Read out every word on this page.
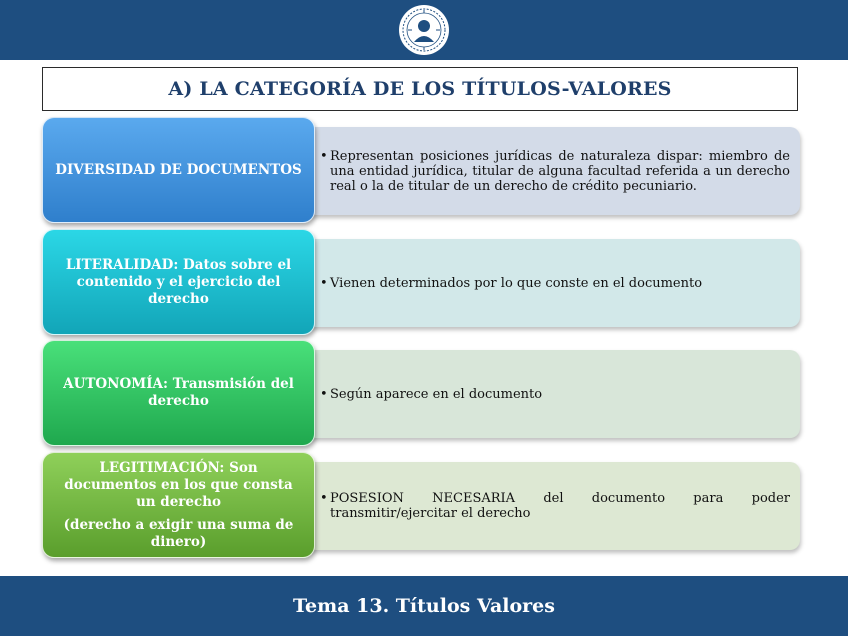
A) LA CATEGORÍA DE LOS TÍTULOS-VALORES
• Representan posiciones jurídicas de naturaleza dispar: miembro de una entidad jurídica, titular de alguna facultad referida a un derecho real o la de titular de un derecho de crédito pecuniario.
DIVERSIDAD DE DOCUMENTOS
• Vienen determinados por lo que conste en el documento
LITERALIDAD: Datos sobre el contenido y el ejercicio del derecho
• Según aparece en el documento
AUTONOMÍA: Transmisión del derecho
• POSESION NECESARIA del documento para poder transmitir/ejercitar el derecho
LEGITIMACIÓN: Son documentos en los que consta un derecho
(derecho a exigir una suma de dinero)
Tema 13. Títulos Valores
